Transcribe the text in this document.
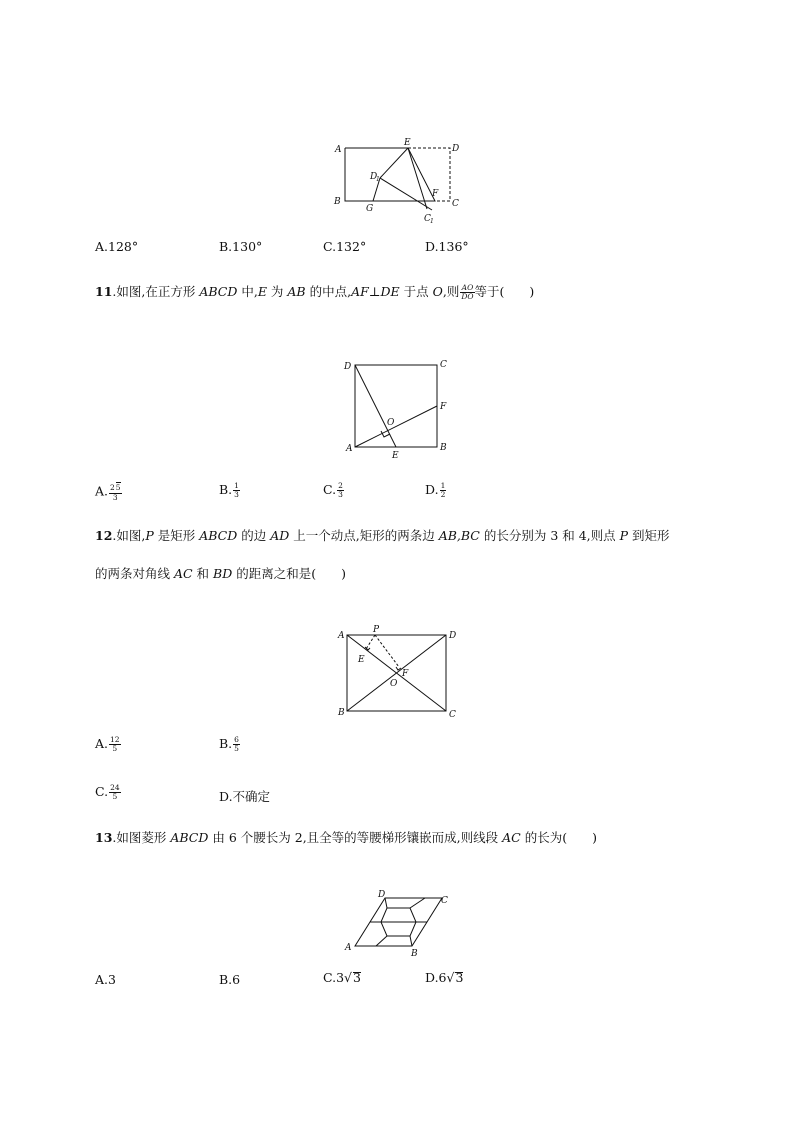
A
E
D
D
1
F
B
G	C
C 1
A.128°	B.130°	C.132°	D.136°
11.如图,在正方形 ABCD 中,E 为 AB 的中点,AF⊥DE 于点 O,则 $\frac{AO}{DO}$ 等于(　　)
D	C
F
O
A	B
E
A. $\frac{25}{3}$	B. $\frac{1}{3}$	C. $\frac{2}{3}$	D. $\frac{1}{2}$
12.如图,P 是矩形 ABCD 的边 AD 上一个动点,矩形的两条边 AB,BC 的长分别为 3 和 4,则点 P 到矩形
的两条对角线 AC 和 BD 的距离之和是(　　)
A
P
D
E
F
O
B	C
A. $\frac{12}{5}$	B. $\frac{6}{5}$
C. $\frac{24}{5}$	D.不确定
13.如图菱形 ABCD 由 6 个腰长为 2,且全等的等腰梯形镶嵌而成,则线段 AC 的长为(　　)
D
C
A
B
A.3	B.6	C.3√3	D.6√3
